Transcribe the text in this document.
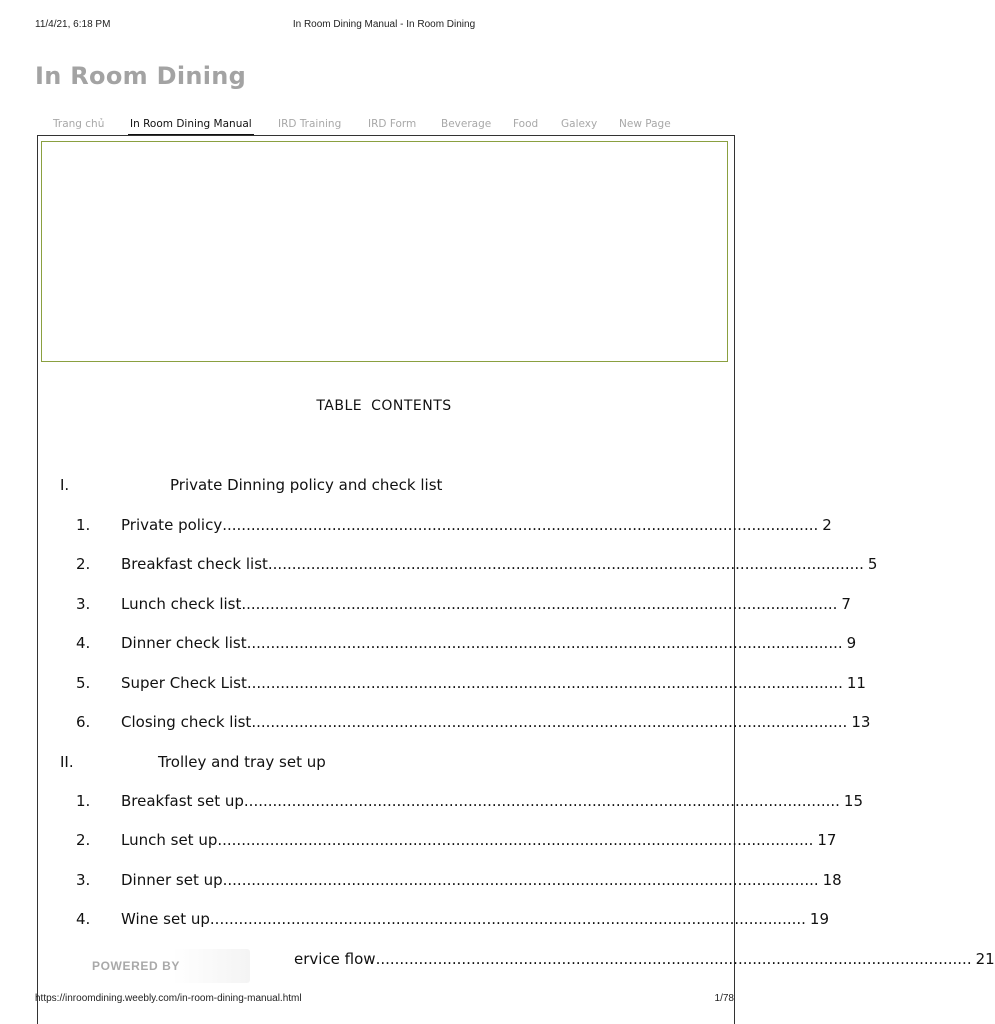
11/4/21, 6:18 PM	In Room Dining Manual - In Room Dining
In Room Dining
Trang chủ In Room Dining Manual	IRD Training	IRD Form Beverage Food Galexy New Page
TABLE CONTENTS
I.	Private Dinning policy and check list
1. Private policy ............................................................................................................................. 2
2. Breakfast check list ............................................................................................................................. 5
3. Lunch check list ............................................................................................................................. 7
4. Dinner check list ............................................................................................................................. 9
5. Super Check List ............................................................................................................................. 11
6. Closing check list ............................................................................................................................. 13
II.	Trolley and tray set up
1. Breakfast set up ............................................................................................................................. 15
2. Lunch set up ............................................................................................................................. 17
3. Dinner set up ............................................................................................................................. 18
4. Wine set up ............................................................................................................................. 19
ervice flow ............................................................................................................................. 21
POWERED BY
https://inroomdining.weebly.com/in-room-dining-manual.html	1/78
